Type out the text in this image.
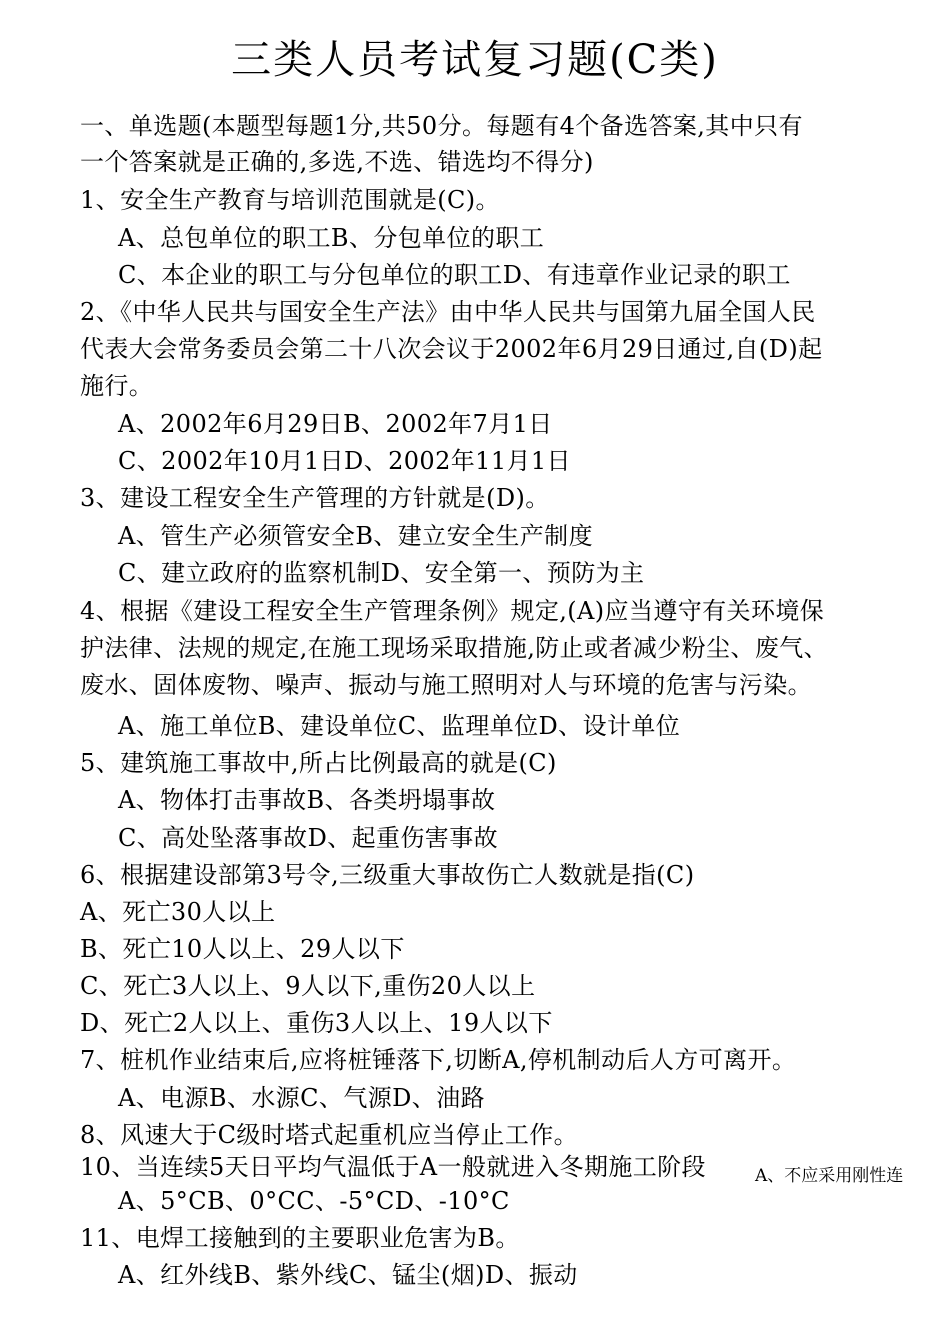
三类人员考试复习题(C类)
一、单选题(本题型每题1分,共50分。每题有4个备选答案,其中只有
一个答案就是正确的,多选,不选、错选均不得分)
1、安全生产教育与培训范围就是(C)。
A、总包单位的职工B、分包单位的职工
C、本企业的职工与分包单位的职工D、有违章作业记录的职工
2、《中华人民共与国安全生产法》由中华人民共与国第九届全国人民
代表大会常务委员会第二十八次会议于2002年6月29日通过,自(D)起
施行。
A、2002年6月29日B、2002年7月1日
C、2002年10月1日D、2002年11月1日
3、建设工程安全生产管理的方针就是(D)。
A、管生产必须管安全B、建立安全生产制度
C、建立政府的监察机制D、安全第一、预防为主
4、根据《建设工程安全生产管理条例》规定,(A)应当遵守有关环境保
护法律、法规的规定,在施工现场采取措施,防止或者减少粉尘、废气、
废水、固体废物、噪声、振动与施工照明对人与环境的危害与污染。
A、施工单位B、建设单位C、监理单位D、设计单位
5、建筑施工事故中,所占比例最高的就是(C)
A、物体打击事故B、各类坍塌事故
C、高处坠落事故D、起重伤害事故
6、根据建设部第3号令,三级重大事故伤亡人数就是指(C)
A、死亡30人以上
B、死亡10人以上、29人以下
C、死亡3人以上、9人以下,重伤20人以上
D、死亡2人以上、重伤3人以上、19人以下
7、桩机作业结束后,应将桩锤落下,切断A,停机制动后人方可离开。
A、电源B、水源C、气源D、油路
8、风速大于C级时塔式起重机应当停止工作。
10、当连续5天日平均气温低于A一般就进入冬期施工阶段	A、不应采用刚性连
A、5°CB、0°CC、-5°CD、-10°C
11、电焊工接触到的主要职业危害为B。
A、红外线B、紫外线C、锰尘(烟)D、振动
